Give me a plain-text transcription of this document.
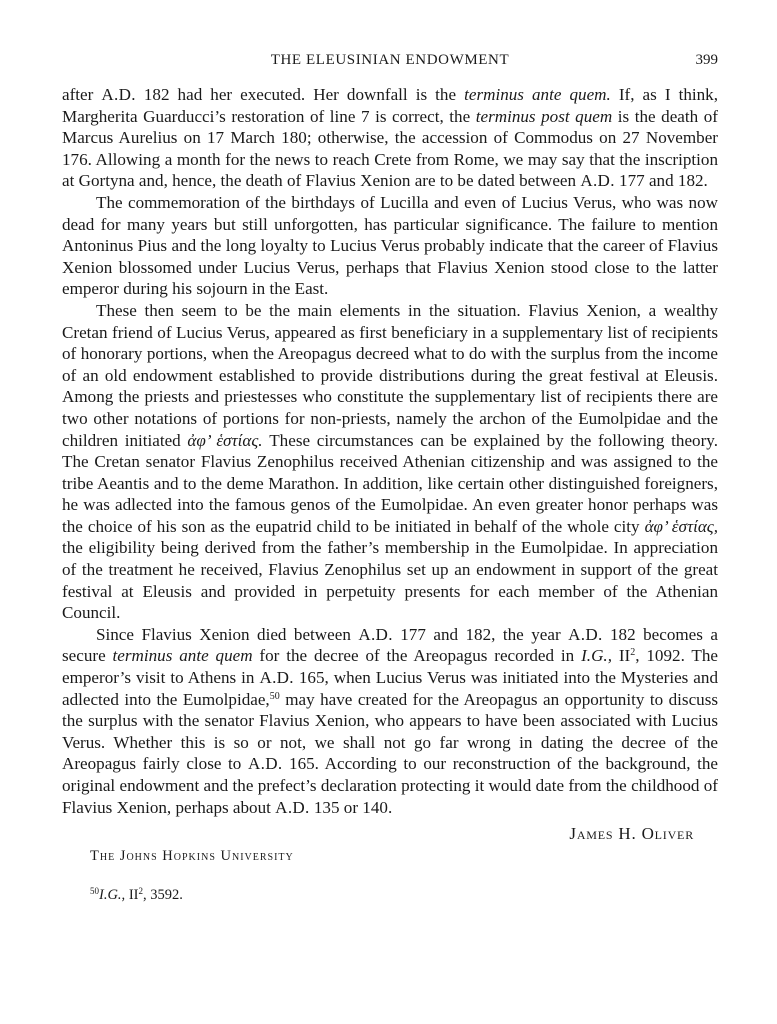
THE ELEUSINIAN ENDOWMENT	399

after A.D. 182 had her executed. Her downfall is the terminus ante quem. If, as I think, Margherita Guarducci’s restoration of line 7 is correct, the terminus post quem is the death of Marcus Aurelius on 17 March 180; otherwise, the accession of Commodus on 27 November 176. Allowing a month for the news to reach Crete from Rome, we may say that the inscription at Gortyna and, hence, the death of Flavius Xenion are to be dated between A.D. 177 and 182.

The commemoration of the birthdays of Lucilla and even of Lucius Verus, who was now dead for many years but still unforgotten, has particular significance. The failure to mention Antoninus Pius and the long loyalty to Lucius Verus probably indicate that the career of Flavius Xenion blossomed under Lucius Verus, perhaps that Flavius Xenion stood close to the latter emperor during his sojourn in the East.

These then seem to be the main elements in the situation. Flavius Xenion, a wealthy Cretan friend of Lucius Verus, appeared as first beneficiary in a supplementary list of recipients of honorary portions, when the Areopagus decreed what to do with the surplus from the income of an old endowment established to provide distributions during the great festival at Eleusis. Among the priests and priestesses who constitute the supplementary list of recipients there are two other notations of portions for non-priests, namely the archon of the Eumolpidae and the children initiated ἀφ’ ἑστίας. These circumstances can be explained by the following theory. The Cretan senator Flavius Zenophilus received Athenian citizenship and was assigned to the tribe Aeantis and to the deme Marathon. In addition, like certain other distinguished foreigners, he was adlected into the famous genos of the Eumolpidae. An even greater honor perhaps was the choice of his son as the eupatrid child to be initiated in behalf of the whole city ἀφ’ ἑστίας, the eligibility being derived from the father’s membership in the Eumolpidae. In appreciation of the treatment he received, Flavius Zenophilus set up an endowment in support of the great festival at Eleusis and provided in perpetuity presents for each member of the Athenian Council.

Since Flavius Xenion died between A.D. 177 and 182, the year A.D. 182 becomes a secure terminus ante quem for the decree of the Areopagus recorded in I.G., $II^2$, 1092. The emperor’s visit to Athens in A.D. 165, when Lucius Verus was initiated into the Mysteries and adlected into the Eumolpidae,$^{50}$ may have created for the Areopagus an opportunity to discuss the surplus with the senator Flavius Xenion, who appears to have been associated with Lucius Verus. Whether this is so or not, we shall not go far wrong in dating the decree of the Areopagus fairly close to A.D. 165. According to our reconstruction of the background, the original endowment and the prefect’s declaration protecting it would date from the childhood of Flavius Xenion, perhaps about A.D. 135 or 140.

James H. Oliver
The Johns Hopkins University
$^{50}$I.G., $II^2$, 3592.
